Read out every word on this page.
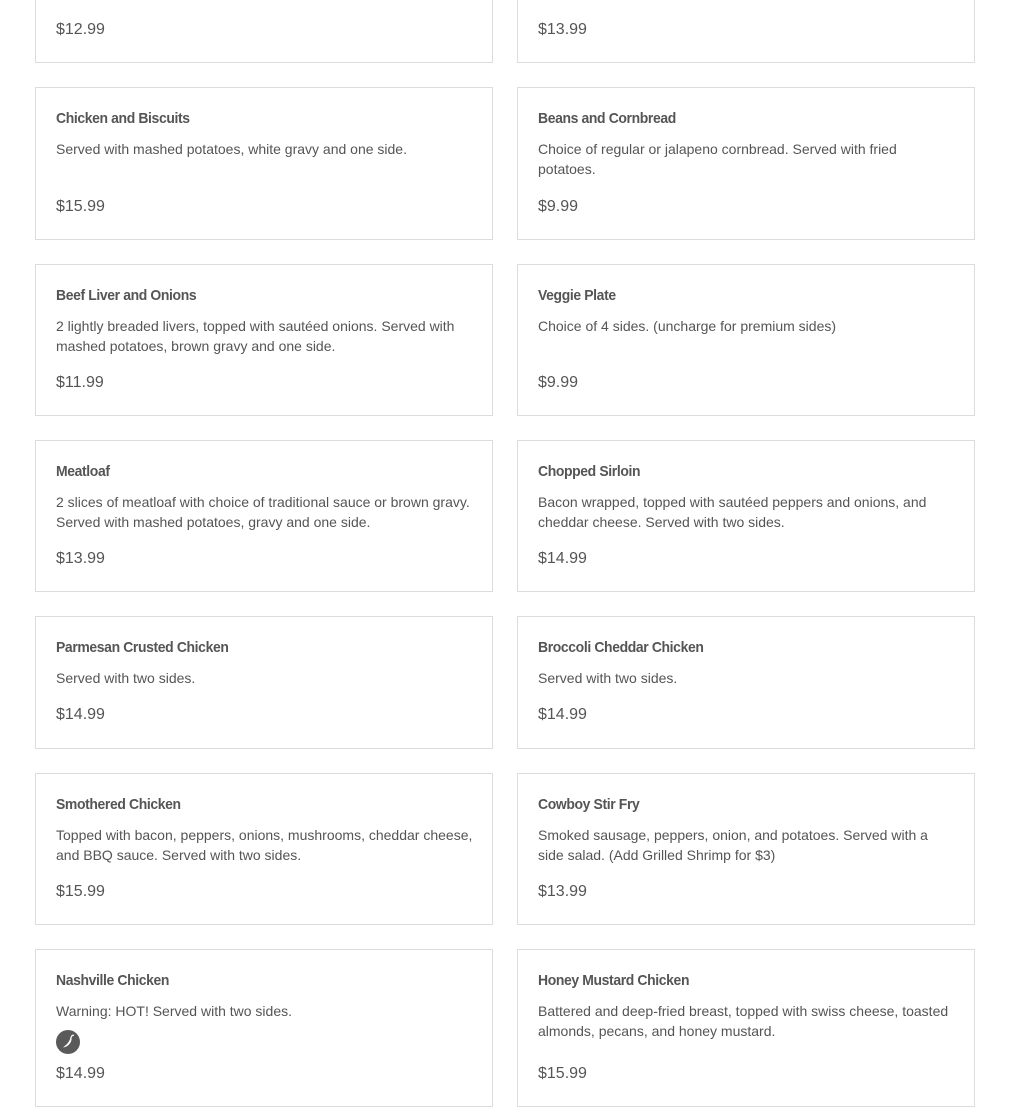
$12.99	$13.99
Chicken and Biscuits

Served with mashed potatoes, white gravy and one side.

$15.99
Beans and Cornbread

Choice of regular or jalapeno cornbread. Served with fried potatoes.

$9.99
Beef Liver and Onions

2 lightly breaded livers, topped with sautéed onions. Served with mashed potatoes, brown gravy and one side.

$11.99
Veggie Plate

Choice of 4 sides. (uncharge for premium sides)

$9.99
Meatloaf

2 slices of meatloaf with choice of traditional sauce or brown gravy. Served with mashed potatoes, gravy and one side.

$13.99
Chopped Sirloin

Bacon wrapped, topped with sautéed peppers and onions, and cheddar cheese. Served with two sides.

$14.99
Parmesan Crusted Chicken

Served with two sides.

$14.99
Broccoli Cheddar Chicken

Served with two sides.

$14.99
Smothered Chicken

Topped with bacon, peppers, onions, mushrooms, cheddar cheese, and BBQ sauce. Served with two sides.

$15.99
Cowboy Stir Fry

Smoked sausage, peppers, onion, and potatoes. Served with a side salad. (Add Grilled Shrimp for $3)

$13.99
Nashville Chicken

Warning: HOT! Served with two sides.

$14.99
Honey Mustard Chicken

Battered and deep-fried breast, topped with swiss cheese, toasted almonds, pecans, and honey mustard.

$15.99
